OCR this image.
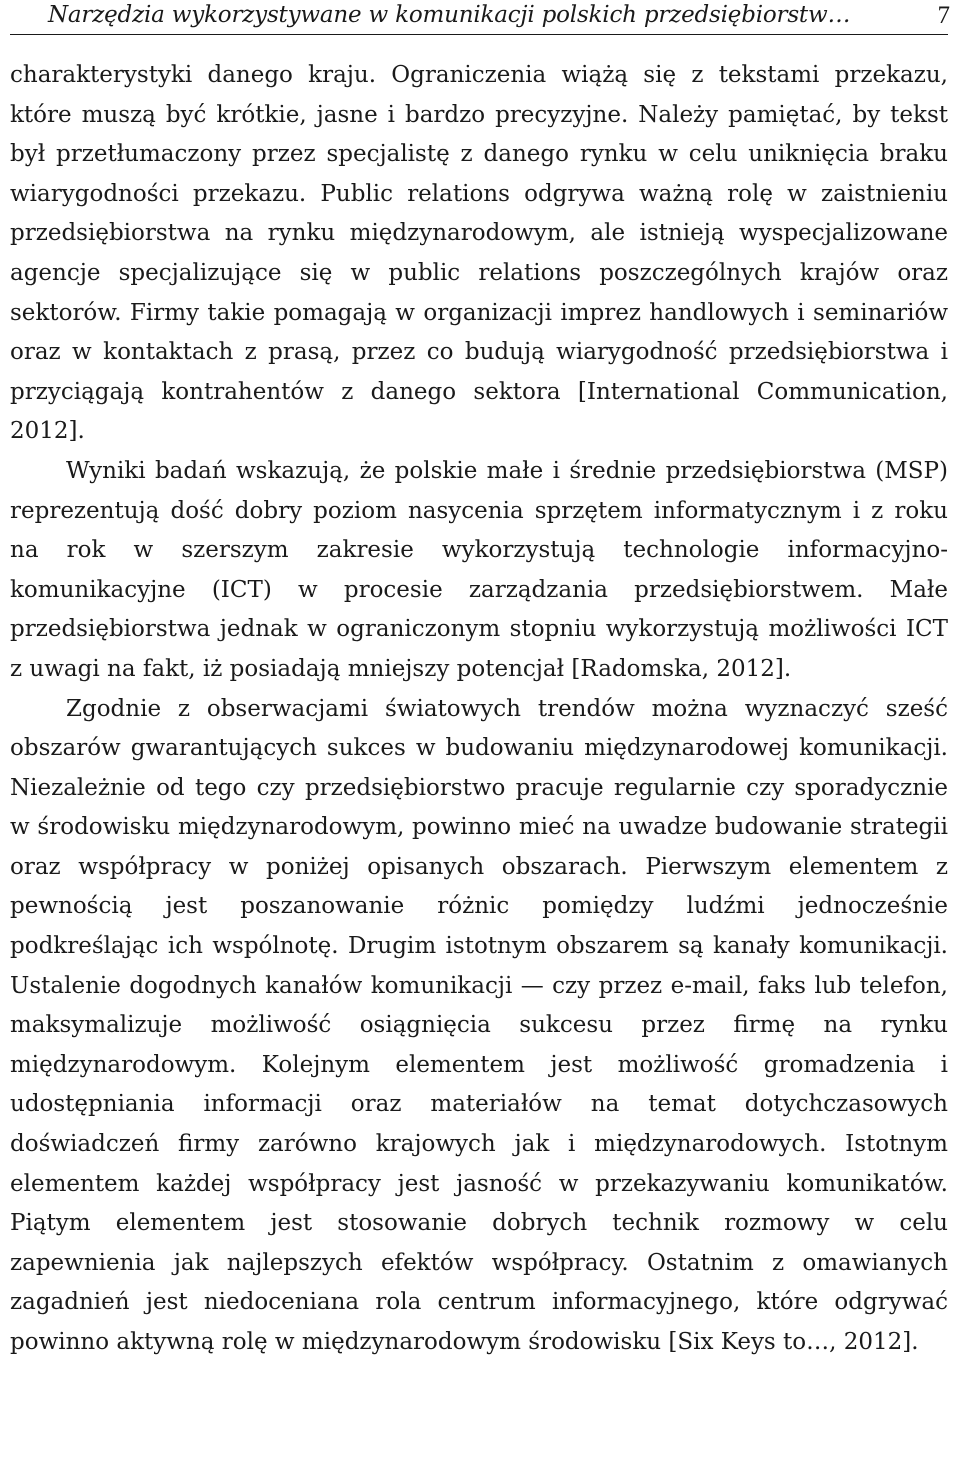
Narzędzia wykorzystywane w komunikacji polskich przedsiębiorstw…	7

charakterystyki danego kraju. Ograniczenia wiążą się z tekstami przekazu, które muszą być krótkie, jasne i bardzo precyzyjne. Należy pamiętać, by tekst był przetłumaczony przez specjalistę z danego rynku w celu uniknięcia braku wiarygodności przekazu. Public relations odgrywa ważną rolę w zaistnieniu przedsiębiorstwa na rynku międzynarodowym, ale istnieją wyspecjalizowane agencje specjalizujące się w public relations poszczególnych krajów oraz sektorów. Firmy takie pomagają w organizacji imprez handlowych i seminariów oraz w kontaktach z prasą, przez co budują wiarygodność przedsiębiorstwa i przyciągają kontrahentów z danego sektora [International Communication, 2012].

Wyniki badań wskazują, że polskie małe i średnie przedsiębiorstwa (MSP) reprezentują dość dobry poziom nasycenia sprzętem informatycznym i z roku na rok w szerszym zakresie wykorzystują technologie informacyjno-komunikacyjne (ICT) w procesie zarządzania przedsiębiorstwem. Małe przedsiębiorstwa jednak w ograniczonym stopniu wykorzystują możliwości ICT z uwagi na fakt, iż posiadają mniejszy potencjał [Radomska, 2012].

Zgodnie z obserwacjami światowych trendów można wyznaczyć sześć obszarów gwarantujących sukces w budowaniu międzynarodowej komunikacji. Niezależnie od tego czy przedsiębiorstwo pracuje regularnie czy sporadycznie w środowisku międzynarodowym, powinno mieć na uwadze budowanie strategii oraz współpracy w poniżej opisanych obszarach. Pierwszym elementem z pewnością jest poszanowanie różnic pomiędzy ludźmi jednocześnie podkreślając ich wspólnotę. Drugim istotnym obszarem są kanały komunikacji. Ustalenie dogodnych kanałów komunikacji — czy przez e-mail, faks lub telefon, maksymalizuje możliwość osiągnięcia sukcesu przez firmę na rynku międzynarodowym. Kolejnym elementem jest możliwość gromadzenia i udostępniania informacji oraz materiałów na temat dotychczasowych doświadczeń firmy zarówno krajowych jak i międzynarodowych. Istotnym elementem każdej współpracy jest jasność w przekazywaniu komunikatów. Piątym elementem jest stosowanie dobrych technik rozmowy w celu zapewnienia jak najlepszych efektów współpracy. Ostatnim z omawianych zagadnień jest niedoceniana rola centrum informacyjnego, które odgrywać powinno aktywną rolę w międzynarodowym środowisku [Six Keys to…, 2012].
